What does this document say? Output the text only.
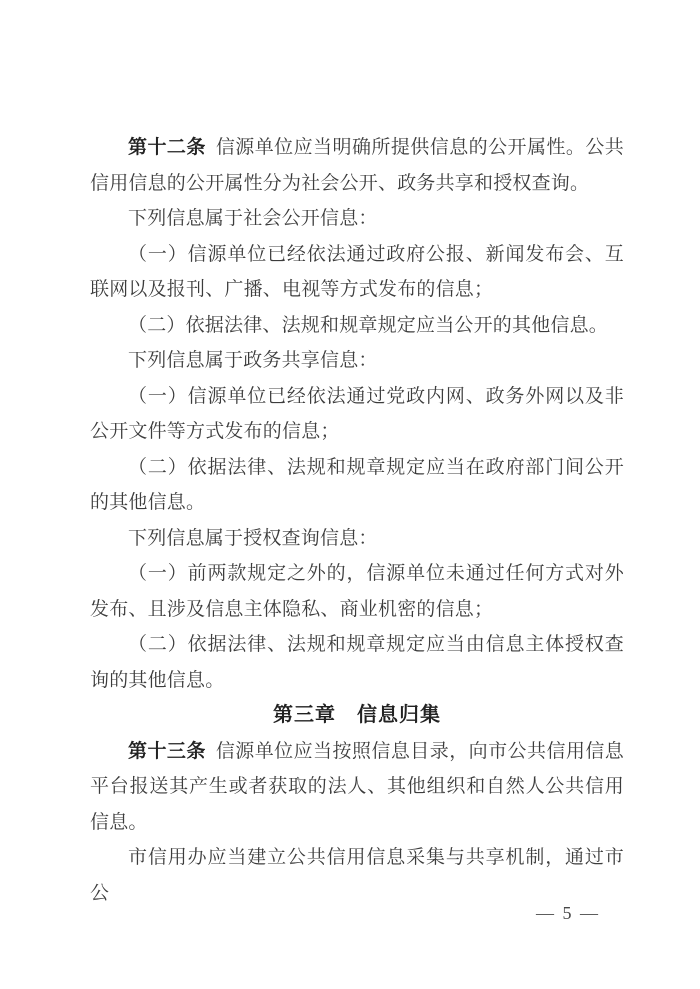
第十二条 信源单位应当明确所提供信息的公开属性。公共信用信息的公开属性分为社会公开、政务共享和授权查询。

下列信息属于社会公开信息：

（一）信源单位已经依法通过政府公报、新闻发布会、互联网以及报刊、广播、电视等方式发布的信息；

（二）依据法律、法规和规章规定应当公开的其他信息。

下列信息属于政务共享信息：

（一）信源单位已经依法通过党政内网、政务外网以及非公开文件等方式发布的信息；

（二）依据法律、法规和规章规定应当在政府部门间公开的其他信息。

下列信息属于授权查询信息：

（一）前两款规定之外的，信源单位未通过任何方式对外发布、且涉及信息主体隐私、商业机密的信息；

（二）依据法律、法规和规章规定应当由信息主体授权查询的其他信息。

第三章　信息归集

第十三条 信源单位应当按照信息目录，向市公共信用信息平台报送其产生或者获取的法人、其他组织和自然人公共信用信息。

市信用办应当建立公共信用信息采集与共享机制，通过市公

— 5 —
